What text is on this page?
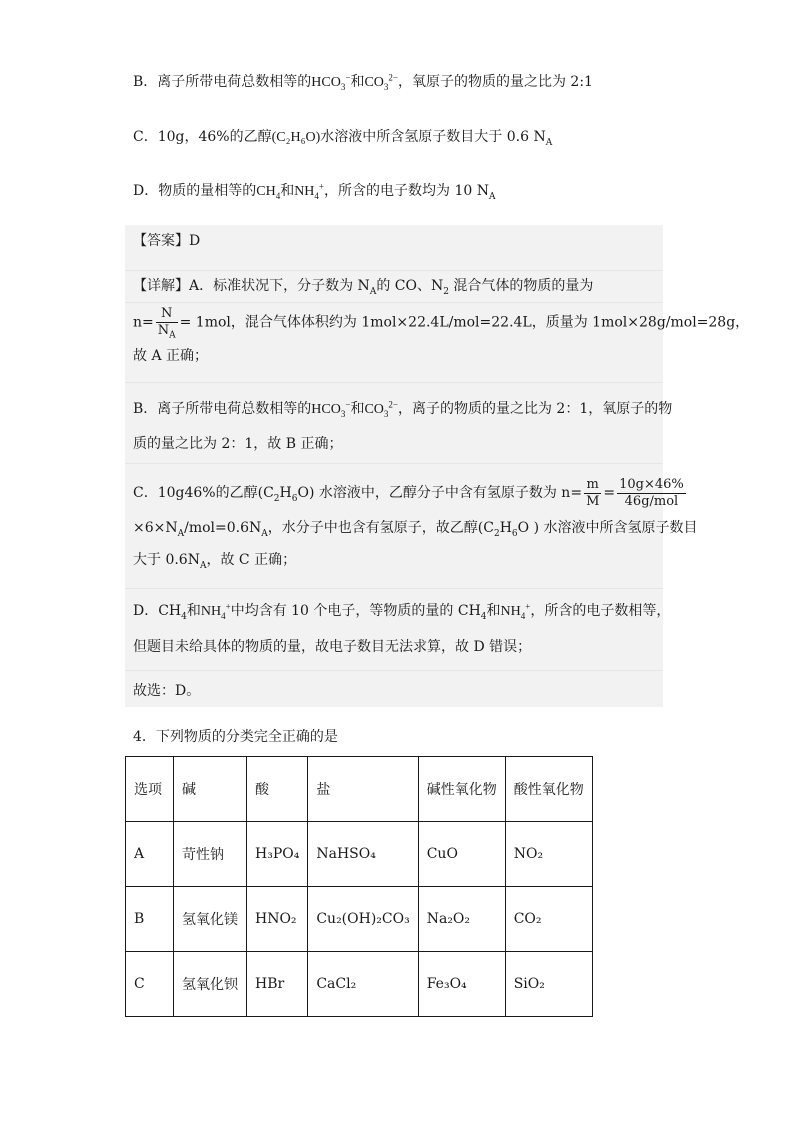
B．离子所带电荷总数相等的$HCO_3^-$和$CO_3^{2-}$，氧原子的物质的量之比为 2:1
C．10g，46%的乙醇(C₂H₆O)水溶液中所含氢原子数目大于 0.6 $N_A$
D．物质的量相等的$CH_4$和$NH_4^+$，所含的电子数均为 10 $N_A$
【答案】D
【详解】A．标准状况下，分子数为 $N_A$的 CO、$N_2$ 混合气体的物质的量为
$n= \frac{N}{N_A} = 1mol$，混合气体体积约为 1mol×22.4L/mol=22.4L，质量为 1mol×28g/mol=28g，
故 A 正确；
B．离子所带电荷总数相等的$HCO_3^-$和$CO_3^{2-}$，离子的物质的量之比为 2：1，氧原子的物
质的量之比为 2：1，故 B 正确；
C．10g46%的乙醇$(C_2H_6O)$ 水溶液中，乙醇分子中含有氢原子数为 $n= \frac{m}{M} = \frac{10g\times 46\%}{\text{46g/mol}}$
$\times 6\times N_A/mol=0.6N_A$，水分子中也含有氢原子，故乙醇($C_2H_6O$ ) 水溶液中所含氢原子数目
大于 $0.6N_A$，故 C 正确；
D．$CH_4$和$NH_4^+$中均含有 10 个电子，等物质的量的 $CH_4$和$NH_4^+$，所含的电子数相等，
但题目未给具体的物质的量，故电子数目无法求算，故 D 错误；
故选：D。
4．下列物质的分类完全正确的是
选项	碱	酸	盐	碱性氧化物	酸性氧化物
A	苛性钠	H₃PO₄	NaHSO₄	CuO	NO₂
B	氢氧化镁	HNO₂	Cu₂(OH)₂CO₃	Na₂O₂	CO₂
C	氢氧化钡	HBr	CaCl₂	Fe₃O₄	SiO₂
